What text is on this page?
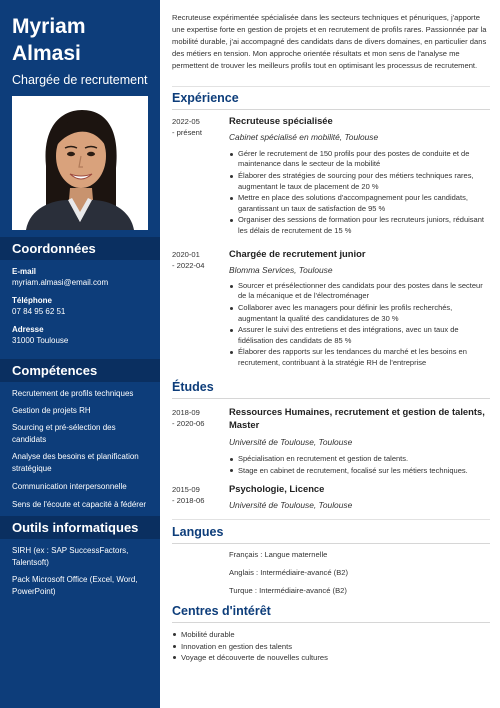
Myriam
Almasi
Chargée de recrutement
Coordonnées
E-mail
myriam.almasi@email.com
Téléphone
07 84 95 62 51
Adresse
31000 Toulouse
Compétences
Recrutement de profils techniques
Gestion de projets RH
Sourcing et pré-sélection des candidats
Analyse des besoins et planification stratégique
Communication interpersonnelle
Sens de l'écoute et capacité à fédérer
Outils informatiques
SIRH (ex : SAP SuccessFactors, Talentsoft)
Pack Microsoft Office (Excel, Word, PowerPoint)
Recruteuse expérimentée spécialisée dans les secteurs techniques et pénuriques, j'apporte une expertise forte en gestion de projets et en recrutement de profils rares. Passionnée par la mobilité durable, j'ai accompagné des candidats dans de divers domaines, en particulier dans des métiers en tension. Mon approche orientée résultats et mon sens de l'analyse me permettent de trouver les meilleurs profils tout en optimisant les processus de recrutement.
Expérience
2022-05
- présent
Recruteuse spécialisée
Cabinet spécialisé en mobilité, Toulouse
Gérer le recrutement de 150 profils pour des postes de conduite et de maintenance dans le secteur de la mobilité
Élaborer des stratégies de sourcing pour des métiers techniques rares, augmentant le taux de placement de 20 %
Mettre en place des solutions d'accompagnement pour les candidats, garantissant un taux de satisfaction de 95 %
Organiser des sessions de formation pour les recruteurs juniors, réduisant les délais de recrutement de 15 %
2020-01
- 2022-04
Chargée de recrutement junior
Blomma Services, Toulouse
Sourcer et présélectionner des candidats pour des postes dans le secteur de la mécanique et de l'électroménager
Collaborer avec les managers pour définir les profils recherchés, augmentant la qualité des candidatures de 30 %
Assurer le suivi des entretiens et des intégrations, avec un taux de fidélisation des candidats de 85 %
Élaborer des rapports sur les tendances du marché et les besoins en recrutement, contribuant à la stratégie RH de l'entreprise
Études
2018-09
- 2020-06
Ressources Humaines, recrutement et gestion de talents, Master
Université de Toulouse, Toulouse
Spécialisation en recrutement et gestion de talents.
Stage en cabinet de recrutement, focalisé sur les métiers techniques.
2015-09
- 2018-06
Psychologie, Licence
Université de Toulouse, Toulouse
Langues
Français : Langue maternelle
Anglais : Intermédiaire-avancé (B2)
Turque : Intermédiaire-avancé (B2)
Centres d'intérêt
Mobilité durable
Innovation en gestion des talents
Voyage et découverte de nouvelles cultures
